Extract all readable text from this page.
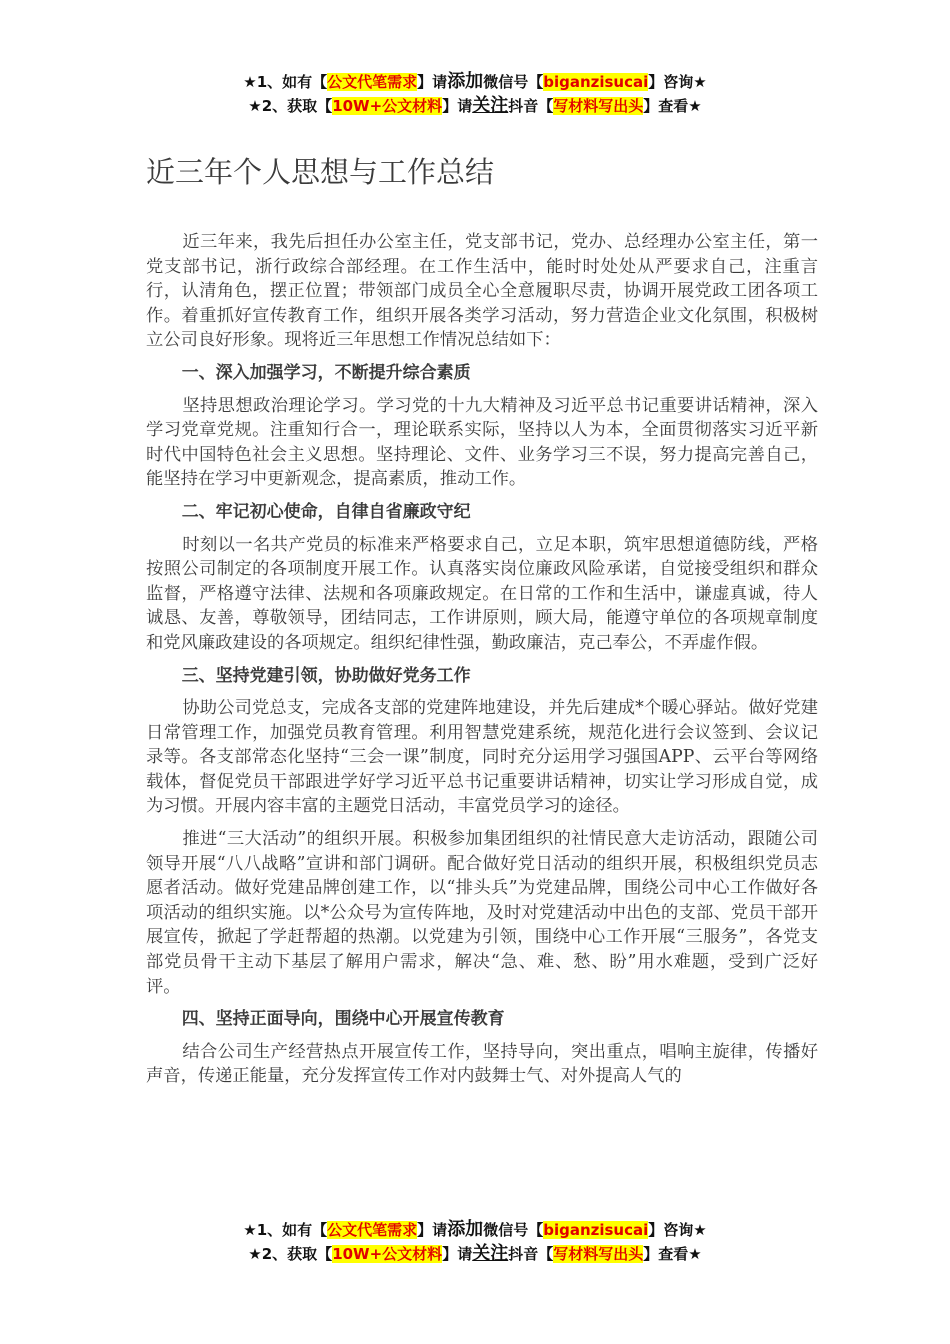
★1、如有【公文代笔需求】请添加微信号【biganzisucai】咨询★
★2、获取【10W+公文材料】请关注抖音【写材料写出头】查看★
近三年个人思想与工作总结

近三年来，我先后担任办公室主任，党支部书记，党办、总经理办公室主任，第一党支部书记，浙行政综合部经理。在工作生活中，能时时处处从严要求自己，注重言行，认清角色，摆正位置；带领部门成员全心全意履职尽责，协调开展党政工团各项工作。着重抓好宣传教育工作，组织开展各类学习活动，努力营造企业文化氛围，积极树立公司良好形象。现将近三年思想工作情况总结如下：

一、深入加强学习，不断提升综合素质

坚持思想政治理论学习。学习党的十九大精神及习近平总书记重要讲话精神，深入学习党章党规。注重知行合一，理论联系实际，坚持以人为本，全面贯彻落实习近平新时代中国特色社会主义思想。坚持理论、文件、业务学习三不误，努力提高完善自己，能坚持在学习中更新观念，提高素质，推动工作。

二、牢记初心使命，自律自省廉政守纪

时刻以一名共产党员的标准来严格要求自己，立足本职，筑牢思想道德防线，严格按照公司制定的各项制度开展工作。认真落实岗位廉政风险承诺，自觉接受组织和群众监督，严格遵守法律、法规和各项廉政规定。在日常的工作和生活中，谦虚真诚，待人诚恳、友善，尊敬领导，团结同志，工作讲原则，顾大局，能遵守单位的各项规章制度和党风廉政建设的各项规定。组织纪律性强，勤政廉洁，克己奉公，不弄虚作假。

三、坚持党建引领，协助做好党务工作

协助公司党总支，完成各支部的党建阵地建设，并先后建成*个暖心驿站。做好党建日常管理工作，加强党员教育管理。利用智慧党建系统，规范化进行会议签到、会议记录等。各支部常态化坚持“三会一课”制度，同时充分运用学习强国APP、云平台等网络载体，督促党员干部跟进学好学习近平总书记重要讲话精神，切实让学习形成自觉，成为习惯。开展内容丰富的主题党日活动，丰富党员学习的途径。

推进“三大活动”的组织开展。积极参加集团组织的社情民意大走访活动，跟随公司领导开展“八八战略”宣讲和部门调研。配合做好党日活动的组织开展，积极组织党员志愿者活动。做好党建品牌创建工作，以“排头兵”为党建品牌，围绕公司中心工作做好各项活动的组织实施。以*公众号为宣传阵地，及时对党建活动中出色的支部、党员干部开展宣传，掀起了学赶帮超的热潮。以党建为引领，围绕中心工作开展“三服务”，各党支部党员骨干主动下基层了解用户需求，解决“急、难、愁、盼”用水难题，受到广泛好评。

四、坚持正面导向，围绕中心开展宣传教育

结合公司生产经营热点开展宣传工作，坚持导向，突出重点，唱响主旋律，传播好声音，传递正能量，充分发挥宣传工作对内鼓舞士气、对外提高人气的

★1、如有【公文代笔需求】请添加微信号【biganzisucai】咨询★
★2、获取【10W+公文材料】请关注抖音【写材料写出头】查看★
